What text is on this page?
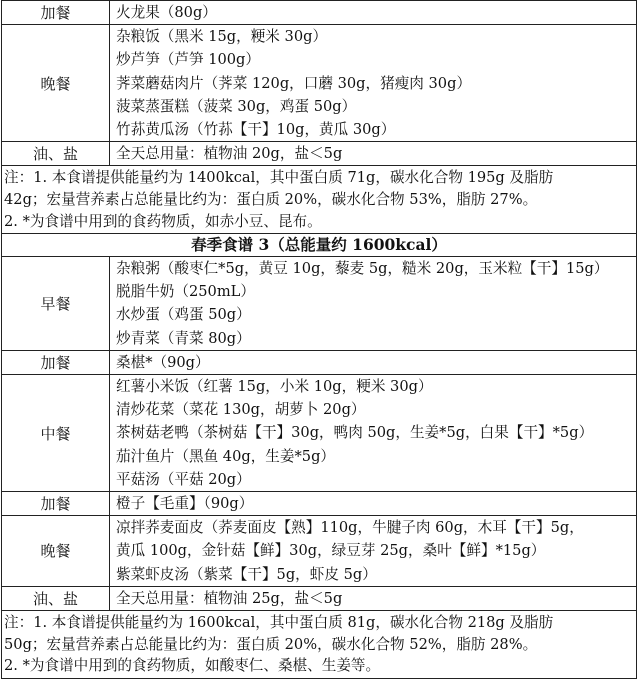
加餐	火龙果（80g）

晚餐	杂粮饭（黑米 15g，粳米 30g）
炒芦笋（芦笋 100g）
荠菜蘑菇肉片（荠菜 120g，口蘑 30g，猪瘦肉 30g）
菠菜蒸蛋糕（菠菜 30g，鸡蛋 50g）
竹荪黄瓜汤（竹荪【干】10g，黄瓜 30g）

油、盐	全天总用量：植物油 20g，盐＜5g

注：1. 本食谱提供能量约为 1400kcal，其中蛋白质 71g，碳水化合物 195g 及脂肪
42g；宏量营养素占总能量比约为：蛋白质 20%，碳水化合物 53%，脂肪 27%。
2. *为食谱中用到的食药物质，如赤小豆、昆布。	

春季食谱 3（总能量约 1600kcal）	
早餐	杂粮粥（酸枣仁*5g，黄豆 10g，藜麦 5g，糙米 20g，玉米粒【干】15g）
脱脂牛奶（250mL）
水炒蛋（鸡蛋 50g）
炒青菜（青菜 80g）

加餐	桑椹*（90g）

中餐	红薯小米饭（红薯 15g，小米 10g，粳米 30g）
清炒花菜（菜花 130g，胡萝卜 20g）
茶树菇老鸭（茶树菇【干】30g，鸭肉 50g，生姜*5g，白果【干】*5g）
茄汁鱼片（黑鱼 40g，生姜*5g）
平菇汤（平菇 20g）

加餐	橙子【毛重】（90g）

晚餐	凉拌荞麦面皮（荞麦面皮【熟】110g，牛腱子肉 60g，木耳【干】5g，
黄瓜 100g，金针菇【鲜】30g，绿豆芽 25g，桑叶【鲜】*15g）
紫菜虾皮汤（紫菜【干】5g，虾皮 5g）

油、盐	全天总用量：植物油 25g，盐＜5g

注：1. 本食谱提供能量约为 1600kcal，其中蛋白质 81g，碳水化合物 218g 及脂肪
50g；宏量营养素占总能量比约为：蛋白质 20%，碳水化合物 52%，脂肪 28%。
2. *为食谱中用到的食药物质，如酸枣仁、桑椹、生姜等。	
